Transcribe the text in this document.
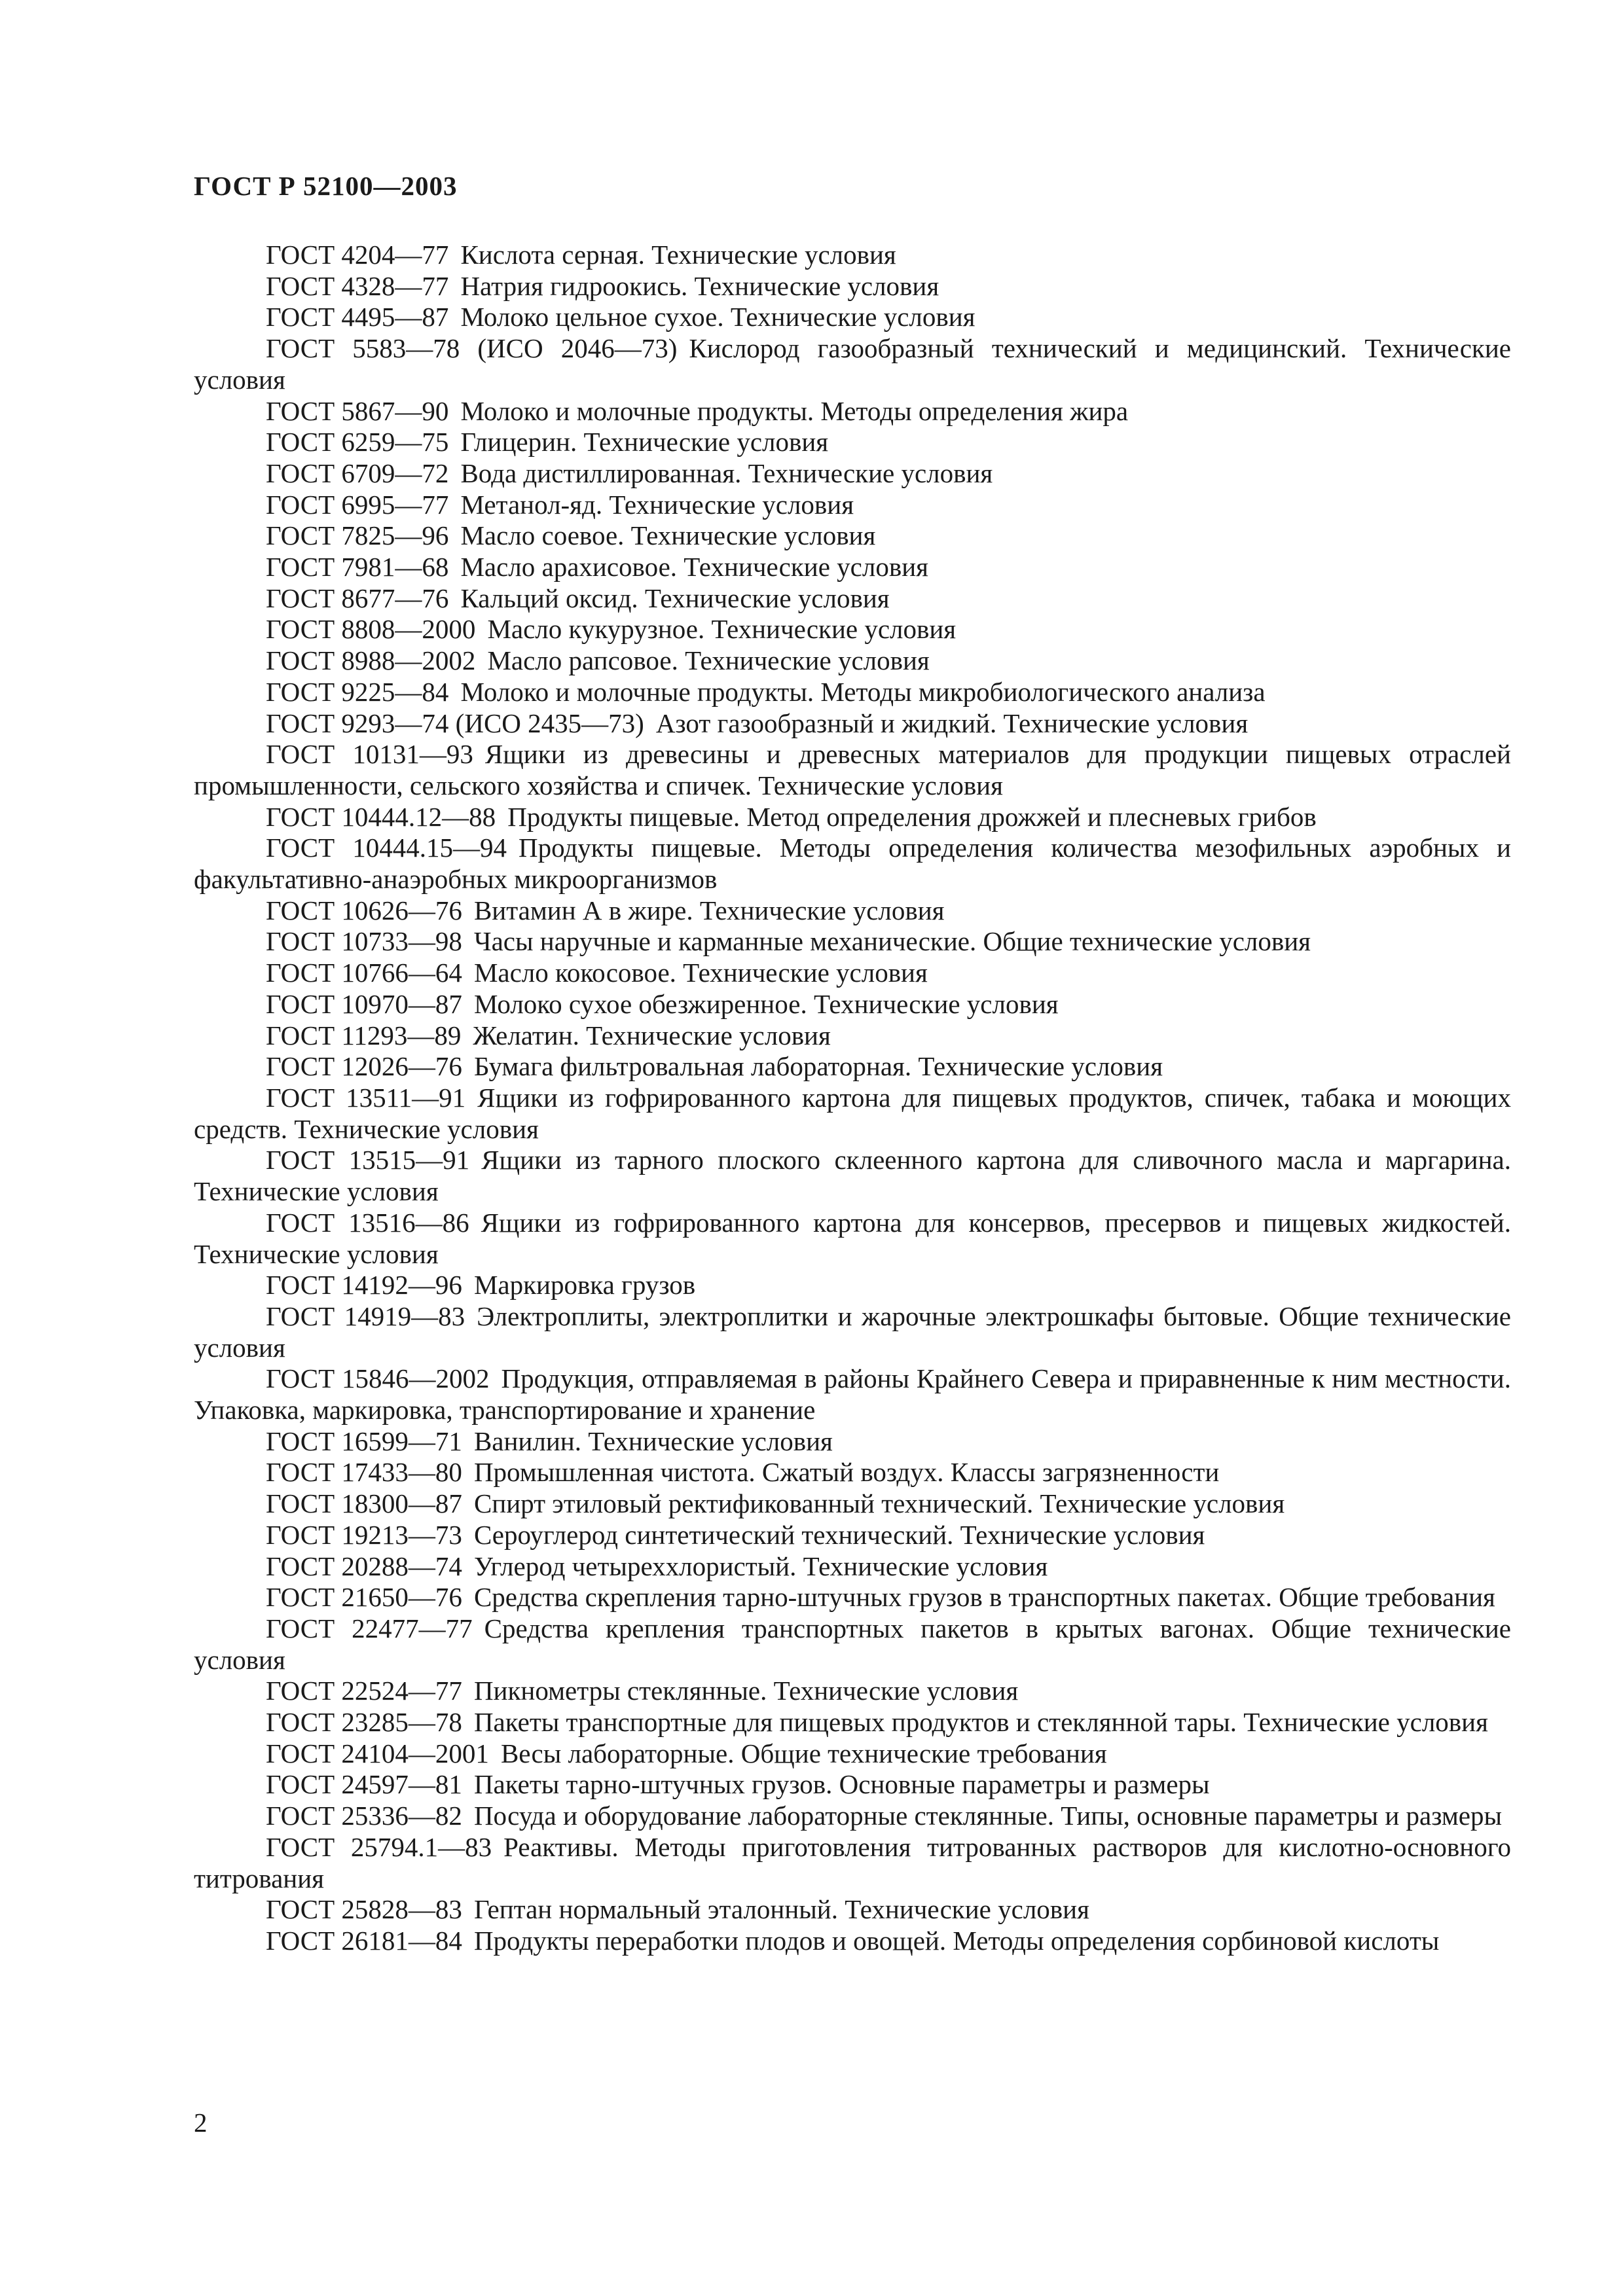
ГОСТ Р 52100—2003
ГОСТ 4204—77 Кислота серная. Технические условия
ГОСТ 4328—77 Натрия гидроокись. Технические условия
ГОСТ 4495—87 Молоко цельное сухое. Технические условия
ГОСТ 5583—78 (ИСО 2046—73) Кислород газообразный технический и медицинский. Технические условия
ГОСТ 5867—90 Молоко и молочные продукты. Методы определения жира
ГОСТ 6259—75 Глицерин. Технические условия
ГОСТ 6709—72 Вода дистиллированная. Технические условия
ГОСТ 6995—77 Метанол-яд. Технические условия
ГОСТ 7825—96 Масло соевое. Технические условия
ГОСТ 7981—68 Масло арахисовое. Технические условия
ГОСТ 8677—76 Кальций оксид. Технические условия
ГОСТ 8808—2000 Масло кукурузное. Технические условия
ГОСТ 8988—2002 Масло рапсовое. Технические условия
ГОСТ 9225—84 Молоко и молочные продукты. Методы микробиологического анализа
ГОСТ 9293—74 (ИСО 2435—73) Азот газообразный и жидкий. Технические условия
ГОСТ 10131—93 Ящики из древесины и древесных материалов для продукции пищевых отраслей промышленности, сельского хозяйства и спичек. Технические условия
ГОСТ 10444.12—88 Продукты пищевые. Метод определения дрожжей и плесневых грибов
ГОСТ 10444.15—94 Продукты пищевые. Методы определения количества мезофильных аэробных и факультативно-анаэробных микроорганизмов
ГОСТ 10626—76 Витамин А в жире. Технические условия
ГОСТ 10733—98 Часы наручные и карманные механические. Общие технические условия
ГОСТ 10766—64 Масло кокосовое. Технические условия
ГОСТ 10970—87 Молоко сухое обезжиренное. Технические условия
ГОСТ 11293—89 Желатин. Технические условия
ГОСТ 12026—76 Бумага фильтровальная лабораторная. Технические условия
ГОСТ 13511—91 Ящики из гофрированного картона для пищевых продуктов, спичек, табака и моющих средств. Технические условия
ГОСТ 13515—91 Ящики из тарного плоского склеенного картона для сливочного масла и маргарина. Технические условия
ГОСТ 13516—86 Ящики из гофрированного картона для консервов, пресервов и пищевых жидкостей. Технические условия
ГОСТ 14192—96 Маркировка грузов
ГОСТ 14919—83 Электроплиты, электроплитки и жарочные электрошкафы бытовые. Общие технические условия
ГОСТ 15846—2002 Продукция, отправляемая в районы Крайнего Севера и приравненные к ним местности. Упаковка, маркировка, транспортирование и хранение
ГОСТ 16599—71 Ванилин. Технические условия
ГОСТ 17433—80 Промышленная чистота. Сжатый воздух. Классы загрязненности
ГОСТ 18300—87 Спирт этиловый ректификованный технический. Технические условия
ГОСТ 19213—73 Сероуглерод синтетический технический. Технические условия
ГОСТ 20288—74 Углерод четыреххлористый. Технические условия
ГОСТ 21650—76 Средства скрепления тарно-штучных грузов в транспортных пакетах. Общие требования
ГОСТ 22477—77 Средства крепления транспортных пакетов в крытых вагонах. Общие технические условия
ГОСТ 22524—77 Пикнометры стеклянные. Технические условия
ГОСТ 23285—78 Пакеты транспортные для пищевых продуктов и стеклянной тары. Технические условия
ГОСТ 24104—2001 Весы лабораторные. Общие технические требования
ГОСТ 24597—81 Пакеты тарно-штучных грузов. Основные параметры и размеры
ГОСТ 25336—82 Посуда и оборудование лабораторные стеклянные. Типы, основные параметры и размеры
ГОСТ 25794.1—83 Реактивы. Методы приготовления титрованных растворов для кислотно-основного титрования
ГОСТ 25828—83 Гептан нормальный эталонный. Технические условия
ГОСТ 26181—84 Продукты переработки плодов и овощей. Методы определения сорбиновой кислоты
2
